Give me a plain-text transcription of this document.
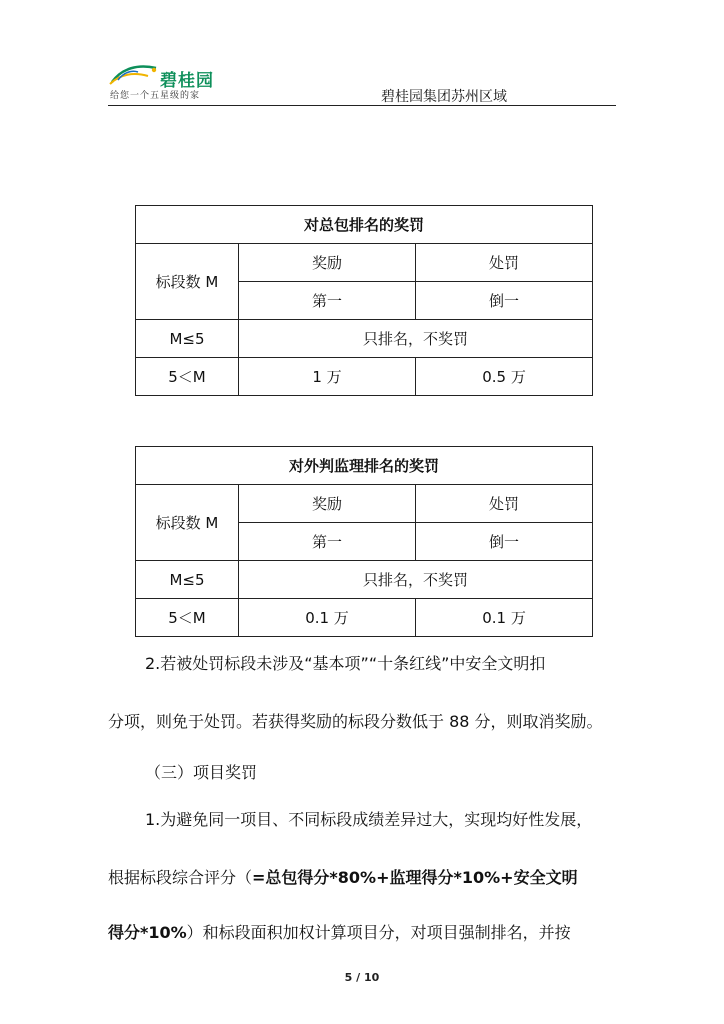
碧桂园
给您一个五星级的家	碧桂园集团苏州区域
对总包排名的奖罚		
标段数 M	奖励	处罚
	第一	倒一
M≤5	只排名，不奖罚	
5＜M	1 万	0.5 万
对外判监理排名的奖罚		
标段数 M	奖励	处罚
	第一	倒一
M≤5	只排名，不奖罚	
5＜M	0.1 万	0.1 万
2.若被处罚标段未涉及“基本项”“十条红线”中安全文明扣
分项，则免于处罚。若获得奖励的标段分数低于 88 分，则取消奖励。
（三）项目奖罚
1.为避免同一项目、不同标段成绩差异过大，实现均好性发展，
根据标段综合评分（=总包得分*80%+监理得分*10%+安全文明
得分*10%）和标段面积加权计算项目分，对项目强制排名，并按
5 / 10
